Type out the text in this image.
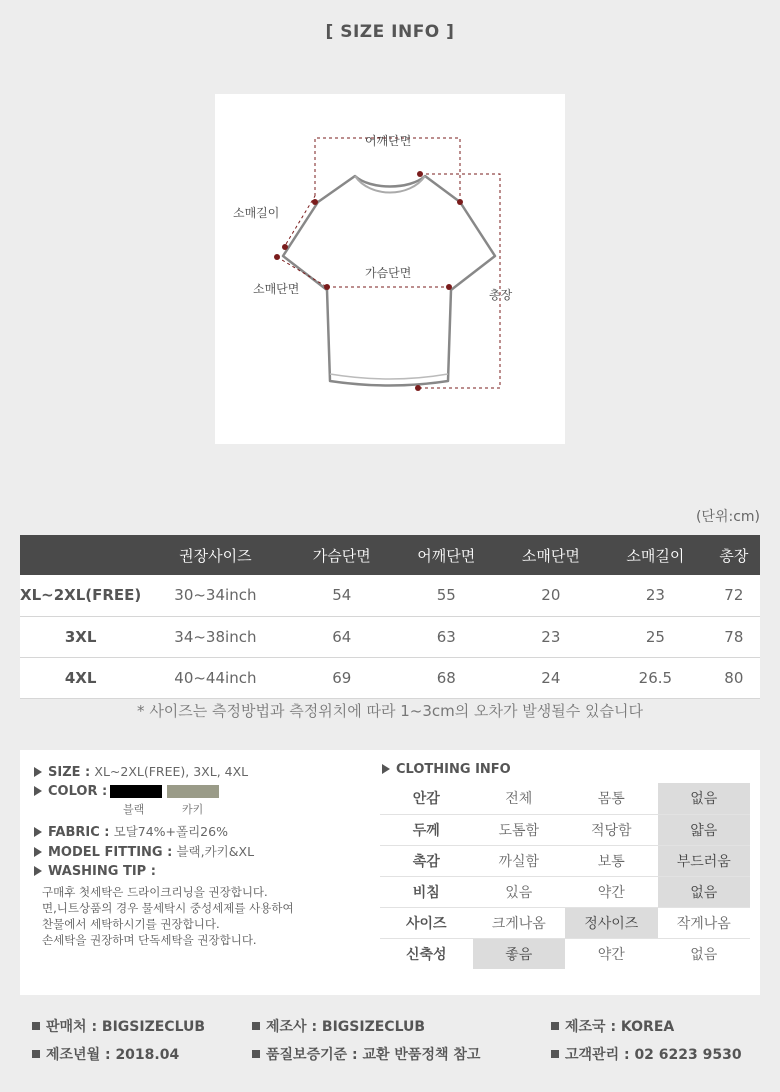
[ SIZE INFO ]
어깨단면
소매길이
가슴단면
소매단면	총장
(단위:cm)
	권장사이즈	가슴단면	어깨단면	소매단면	소매길이	총장
XL~2XL(FREE)	30~34inch	54	55	20	23	72
3XL	34~38inch	64	63	23	25	78
4XL	40~44inch	69	68	24	26.5	80
* 사이즈는 측정방법과 측정위치에 따라 1~3cm의 오차가 발생될수 있습니다
SIZE : XL~2XL(FREE), 3XL, 4XL
COLOR :
블랙	카키
FABRIC : 모달74%+폴리26%
MODEL FITTING : 블랙,카키&XL
WASHING TIP :
구매후 첫세탁은 드라이크리닝을 권장합니다.
면,니트상품의 경우 물세탁시 중성세제를 사용하여
찬물에서 세탁하시기를 권장합니다.
손세탁을 권장하며 단독세탁을 권장합니다.
CLOTHING INFO
안감	전체	몸통	없음
두께	도톰함	적당함	얇음
촉감	까실함	보통	부드러움
비침	있음	약간	없음
사이즈	크게나옴	정사이즈	작게나옴
신축성	좋음	약간	없음
판매처 : BIGSIZECLUB	제조사 : BIGSIZECLUB	제조국 : KOREA
제조년월 : 2018.04	품질보증기준 : 교환 반품정책 참고	고객관리 : 02 6223 9530
